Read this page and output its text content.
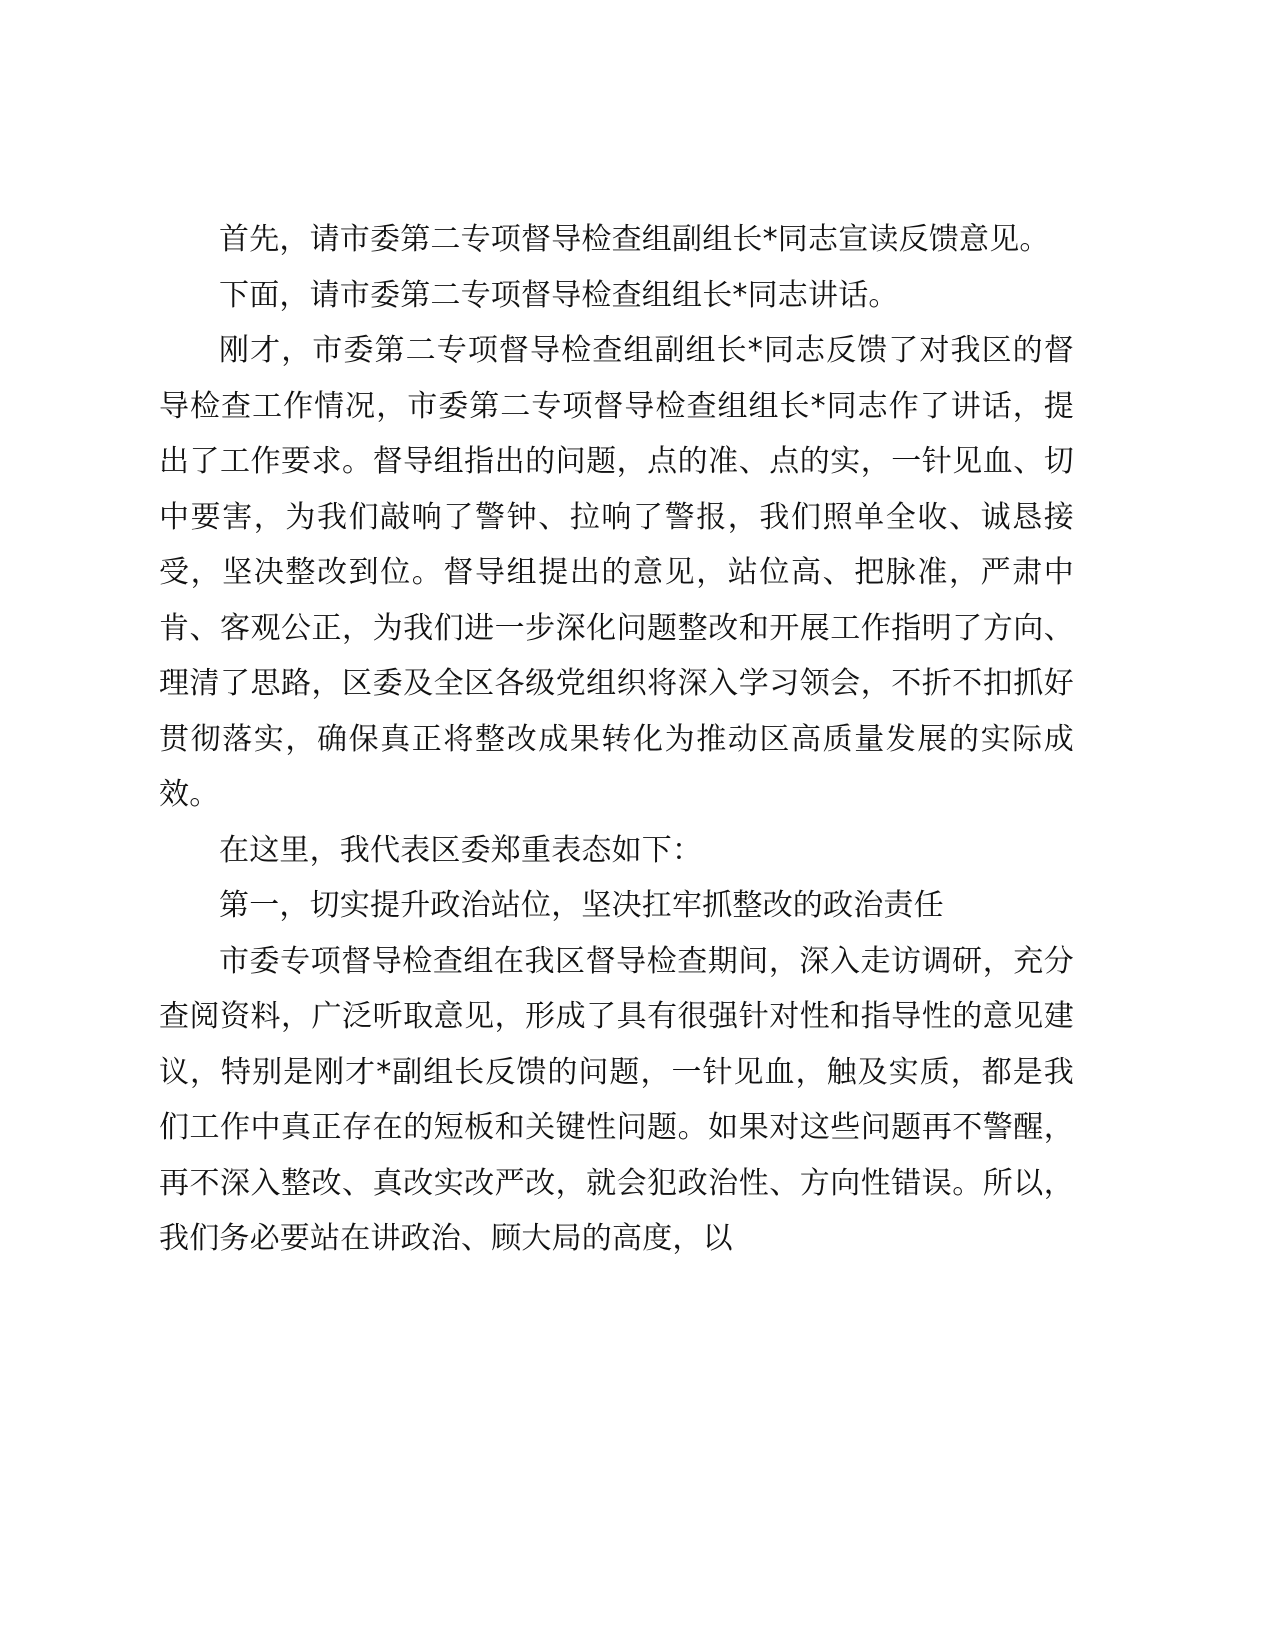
首先，请市委第二专项督导检查组副组长*同志宣读反馈意见。

下面，请市委第二专项督导检查组组长*同志讲话。

刚才，市委第二专项督导检查组副组长*同志反馈了对我区的督导检查工作情况，市委第二专项督导检查组组长*同志作了讲话，提出了工作要求。督导组指出的问题，点的准、点的实，一针见血、切中要害，为我们敲响了警钟、拉响了警报，我们照单全收、诚恳接受，坚决整改到位。督导组提出的意见，站位高、把脉准，严肃中肯、客观公正，为我们进一步深化问题整改和开展工作指明了方向、理清了思路，区委及全区各级党组织将深入学习领会，不折不扣抓好贯彻落实，确保真正将整改成果转化为推动区高质量发展的实际成效。

在这里，我代表区委郑重表态如下：

第一，切实提升政治站位，坚决扛牢抓整改的政治责任

市委专项督导检查组在我区督导检查期间，深入走访调研，充分查阅资料，广泛听取意见，形成了具有很强针对性和指导性的意见建议，特别是刚才*副组长反馈的问题，一针见血，触及实质，都是我们工作中真正存在的短板和关键性问题。如果对这些问题再不警醒，再不深入整改、真改实改严改，就会犯政治性、方向性错误。所以，我们务必要站在讲政治、顾大局的高度，以
